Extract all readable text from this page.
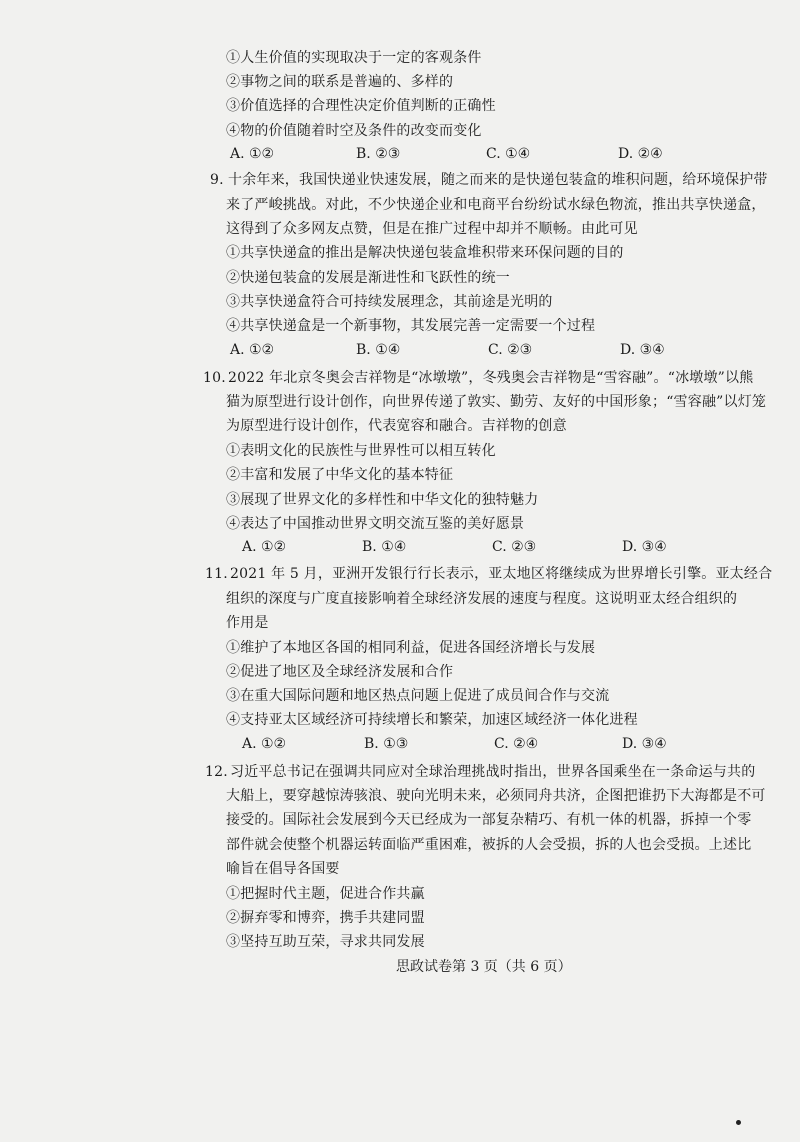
①人生价值的实现取决于一定的客观条件
②事物之间的联系是普遍的、多样的
③价值选择的合理性决定价值判断的正确性
④物的价值随着时空及条件的改变而变化
A. ①②	B. ②③	C. ①④	D. ②④
9. 十余年来，我国快递业快速发展，随之而来的是快递包装盒的堆积问题，给环境保护带
来了严峻挑战。对此，不少快递企业和电商平台纷纷试水绿色物流，推出共享快递盒，
这得到了众多网友点赞，但是在推广过程中却并不顺畅。由此可见
①共享快递盒的推出是解决快递包装盒堆积带来环保问题的目的
②快递包装盒的发展是渐进性和飞跃性的统一
③共享快递盒符合可持续发展理念，其前途是光明的
④共享快递盒是一个新事物，其发展完善一定需要一个过程
A. ①②	B. ①④	C. ②③	D. ③④
10. 2022 年北京冬奥会吉祥物是“冰墩墩”，冬残奥会吉祥物是“雪容融”。“冰墩墩”以熊
猫为原型进行设计创作，向世界传递了敦实、勤劳、友好的中国形象；“雪容融”以灯笼
为原型进行设计创作，代表宽容和融合。吉祥物的创意
①表明文化的民族性与世界性可以相互转化
②丰富和发展了中华文化的基本特征
③展现了世界文化的多样性和中华文化的独特魅力
④表达了中国推动世界文明交流互鉴的美好愿景
A. ①②	B. ①④	C. ②③	D. ③④
11. 2021 年 5 月，亚洲开发银行行长表示，亚太地区将继续成为世界增长引擎。亚太经合
组织的深度与广度直接影响着全球经济发展的速度与程度。这说明亚太经合组织的
作用是
①维护了本地区各国的相同利益，促进各国经济增长与发展
②促进了地区及全球经济发展和合作
③在重大国际问题和地区热点问题上促进了成员间合作与交流
④支持亚太区域经济可持续增长和繁荣，加速区域经济一体化进程
A. ①②	B. ①③	C. ②④	D. ③④
12. 习近平总书记在强调共同应对全球治理挑战时指出，世界各国乘坐在一条命运与共的
大船上，要穿越惊涛骇浪、驶向光明未来，必须同舟共济，企图把谁扔下大海都是不可
接受的。国际社会发展到今天已经成为一部复杂精巧、有机一体的机器，拆掉一个零
部件就会使整个机器运转面临严重困难，被拆的人会受损，拆的人也会受损。上述比
喻旨在倡导各国要
①把握时代主题，促进合作共赢
②摒弃零和博弈，携手共建同盟
③坚持互助互荣，寻求共同发展
思政试卷第 3 页（共 6 页）
